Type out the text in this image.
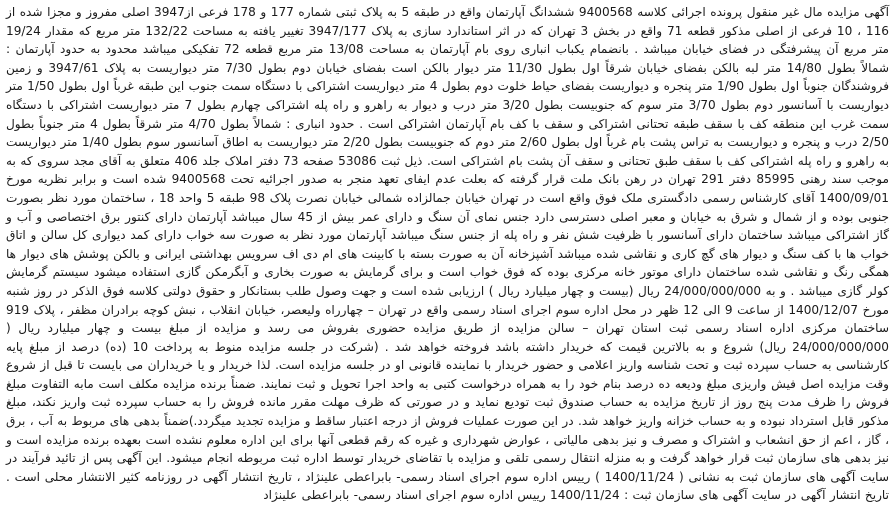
آگهی مزایده مال غیر منقول پرونده اجرائی کلاسه 9400568 ششدانگ آپارتمان واقع در طبقه 5 به پلاک ثبتی شماره 177 و 178 فرعی از3947 اصلی مفروز و مجزا شده از 116 ، 10 فرعی از اصلی مذکور قطعه 71 واقع در بخش 3 تهران که در اثر استاندارد سازی به پلاک 3947/177 تغییر یافته به مساحت 132/22 متر مربع که مقدار 19/24 متر مربع آن پیشرفتگی در فضای خیابان میباشد . بانضمام یکباب انباری روی بام آپارتمان به مساحت 13/08 متر مربع قطعه 72 تفکیکی میباشد محدود به حدود آپارتمان : شمالاً بطول 14/80 متر لبه بالکن بفضای خیابان شرقاً اول بطول 11/30 متر دیوار بالکن است بفضای خیابان دوم بطول 7/30 متر دیواریست به پلاک 3947/61 و زمین فروشندگان جنوباً اول بطول 1/90 متر پنجره و دیواریست بفضای حیاط خلوت دوم بطول 4 متر دیواریست اشتراکی با دستگاه سمت جنوب این طبقه غرباً اول بطول 1/50 متر دیواریست با آسانسور دوم بطول 3/70 متر سوم که جنوبیست بطول 3/20 متر درب و دیوار به راهرو و راه پله اشتراکی چهارم بطول 7 متر دیواریست اشتراکی با دستگاه سمت غرب این منطقه کف با سقف طبقه تحتانی اشتراکی و سقف با کف بام آپارتمان اشتراکی است . حدود انباری : شمالاً بطول 4/70 متر شرقاً بطول 4 متر جنوباً بطول 2/50 درب و پنجره و دیواریست به تراس پشت بام غرباً اول بطول 2/60 متر دوم که جنوبیست بطول 2/20 متر دیواریست به اطاق آسانسور سوم بطول 1/40 متر دیواریست به راهرو و راه پله اشتراکی کف با سقف طبق تحتانی و سقف آن پشت بام اشتراکی است. ذیل ثبت 53086 صفحه 73 دفتر املاک جلد 406 متعلق به آقای مجد سروی که به موجب سند رهنی 85995 دفتر 291 تهران در رهن بانک ملت قرار گرفته که بعلت عدم ایفای تعهد منجر به صدور اجرائیه تحت 9400568 شده است و برابر نظریه مورخ 1400/09/01 آقای کارشناس رسمی دادگستری ملک فوق واقع است در تهران خیابان جمالزاده شمالی خیابان نصرت پلاک 98 طبقه 5 واحد 18 ، ساختمان مورد نظر بصورت جنوبی بوده و از شمال و شرق به خیابان و معبر اصلی دسترسی دارد جنس نمای آن سنگ و دارای عمر بیش از 45 سال میباشد آپارتمان دارای کنتور برق اختصاصی و آب و گاز اشتراکی میباشد ساختمان دارای آسانسور با ظرفیت شش نفر و راه پله از جنس سنگ میباشد آپارتمان مورد نظر به صورت سه خواب دارای کمد دیواری کل سالن و اتاق خواب ها با کف سنگ و دیوار های گچ کاری و نقاشی شده میباشد آشپزخانه آن به صورت بسته با کابینت های ام دی اف سرویس بهداشتی ایرانی و بالکن پوشش های دیوار ها همگی رنگ و نقاشی شده ساختمان دارای موتور خانه مرکزی بوده که فوق خواب است و برای گرمایش به صورت بخاری و آبگرمکن گازی استفاده میشود سیستم گرمایش کولر گازی میباشد . و به 24/000/000/000 ریال (بیست و چهار میلیارد ریال ) ارزیابی شده است و جهت وصول طلب بستانکار و حقوق دولتی کلاسه فوق الذکر در روز شنبه مورخ 1400/12/07 از ساعت 9 الی 12 ظهر در محل اداره سوم اجرای اسناد رسمی واقع در تهران – چهارراه ولیعصر، خیابان انقلاب ، نبش کوچه برادران مظفر ، پلاک 919 ساختمان مرکزی اداره اسناد رسمی ثبت استان تهران – سالن مزایده از طریق مزایده حضوری بفروش می رسد و مزایده از مبلغ بیست و چهار میلیارد ریال ( 24/000/000/000 ریال) شروع و به بالاترین قیمت که خریدار داشته باشد فروخته خواهد شد . (شرکت در جلسه مزایده منوط به پرداخت 10 (ده) درصد از مبلغ پایه کارشناسی به حساب سپرده ثبت و تحت شناسه واریز اعلامی و حضور خریدار با نماینده قانونی او در جلسه مزایده است. لذا خریدار و یا خریداران می بایست تا قبل از شروع وقت مزایده اصل فیش واریزی مبلغ ودیعه ده درصد بنام خود را به همراه درخواست کتبی به واحد اجرا تحویل و ثبت نمایند. ضمناً برنده مزایده مکلف است مابه التفاوت مبلغ فروش را ظرف مدت پنج روز از تاریخ مزایده به حساب صندوق ثبت تودیع نماید و در صورتی که ظرف مهلت مقرر مانده فروش را به حساب سپرده ثبت واریز نکند، مبلغ مذکور قابل استرداد نبوده و به حساب خزانه واریز خواهد شد. در این صورت عملیات فروش از درجه اعتبار ساقط و مزایده تجدید میگردد.)ضمناً بدهی های مربوط به آب ، برق ، گاز ، اعم از حق انشعاب و اشتراک و مصرف و نیز بدهی مالیاتی ، عوارض شهرداری و غیره که رقم قطعی آنها برای این اداره معلوم نشده است بعهده برنده مزایده است و نیز بدهی های سازمان ثبت قرار خواهد گرفت و به منزله انتقال رسمی تلقی و مزایده با تقاضای خریدار توسط اداره ثبت مربوطه انجام میشود. این آگهی پس از تائید فرآیند در سایت آگهی های سازمان ثبت به نشانی ( 1400/11/24 ) رییس اداره سوم اجرای اسناد رسمی- بابراعطی علینژاد ، تاریخ انتشار آگهی در روزنامه کثیر الانتشار محلی است . تاریخ انتشار آگهی در سایت آگهی های سازمان ثبت : 1400/11/24 رییس اداره سوم اجرای اسناد رسمی- بابراعطی علینژاد
